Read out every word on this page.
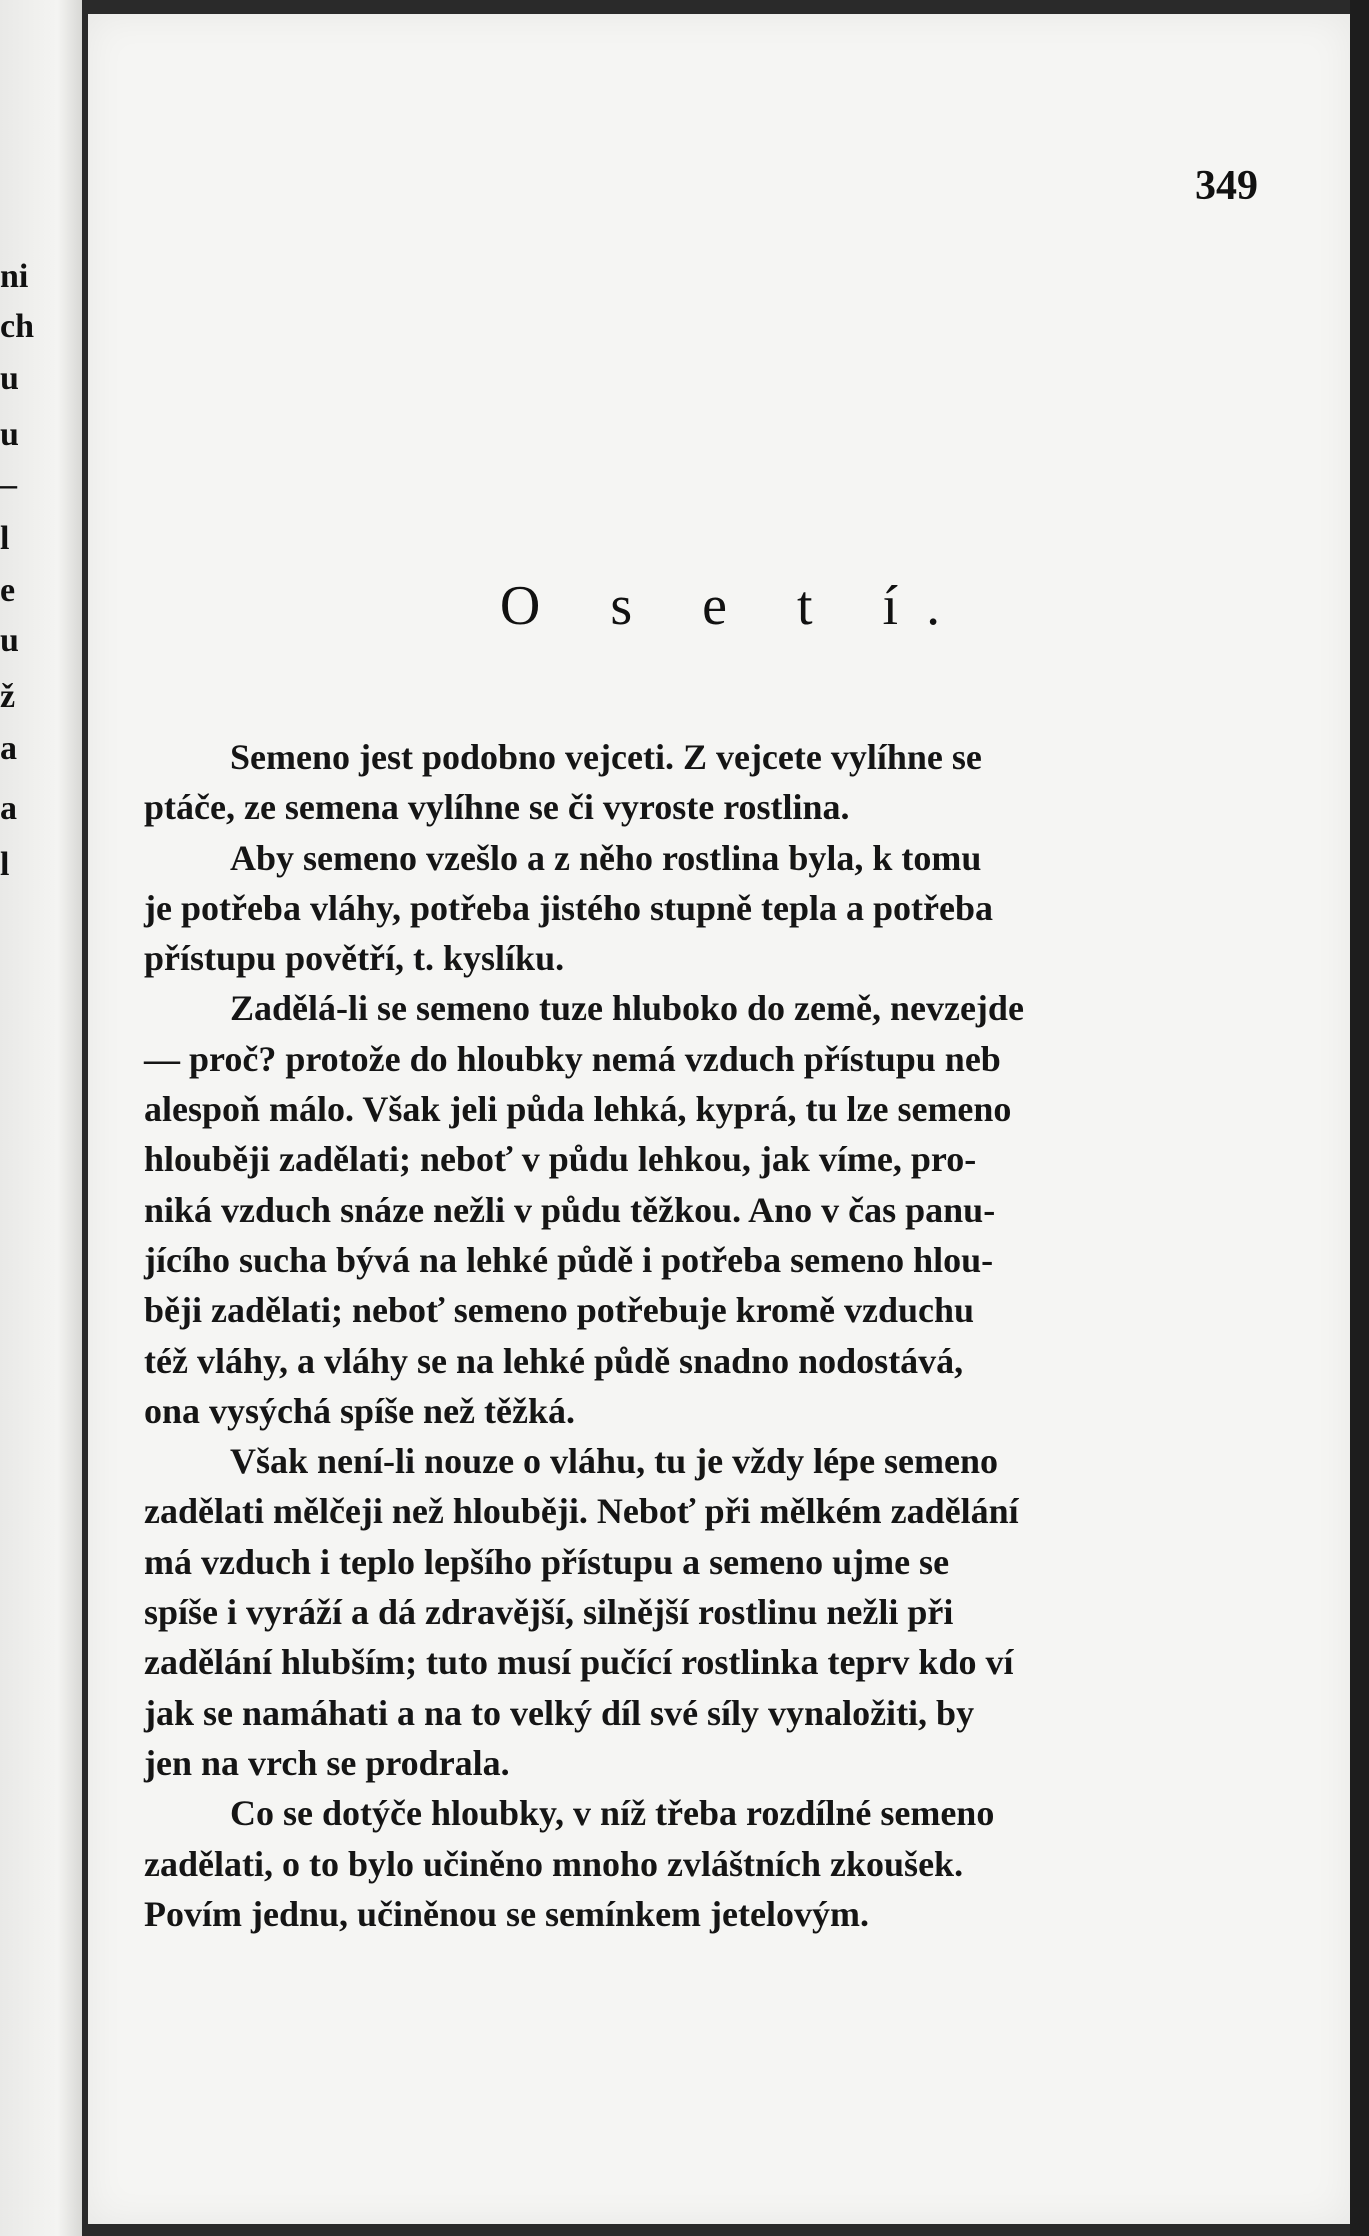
ni
ch
u
u
–
l
e
u
ž
a
a
l
349
O s e t í.
Semeno jest podobno vejceti. Z vejcete vylíhne se
ptáče, ze semena vylíhne se či vyroste rostlina.
Aby semeno vzešlo a z něho rostlina byla, k tomu
je potřeba vláhy, potřeba jistého stupně tepla a potřeba
přístupu povětří, t. kyslíku.
Zadělá-li se semeno tuze hluboko do země, nevzejde
— proč? protože do hloubky nemá vzduch přístupu neb
alespoň málo. Však jeli půda lehká, kyprá, tu lze semeno
hlouběji zadělati; neboť v půdu lehkou, jak víme, pro-
niká vzduch snáze nežli v půdu těžkou. Ano v čas panu-
jícího sucha bývá na lehké půdě i potřeba semeno hlou-
běji zadělati; neboť semeno potřebuje kromě vzduchu
též vláhy, a vláhy se na lehké půdě snadno nodostává,
ona vysýchá spíše než těžká.
Však není-li nouze o vláhu, tu je vždy lépe semeno
zadělati mělčeji než hlouběji. Neboť při mělkém zadělání
má vzduch i teplo lepšího přístupu a semeno ujme se
spíše i vyráží a dá zdravější, silnější rostlinu nežli při
zadělání hlubším; tuto musí pučící rostlinka teprv kdo ví
jak se namáhati a na to velký díl své síly vynaložiti, by
jen na vrch se prodrala.
Co se dotýče hloubky, v níž třeba rozdílné semeno
zadělati, o to bylo učiněno mnoho zvláštních zkoušek.
Povím jednu, učiněnou se semínkem jetelovým.
